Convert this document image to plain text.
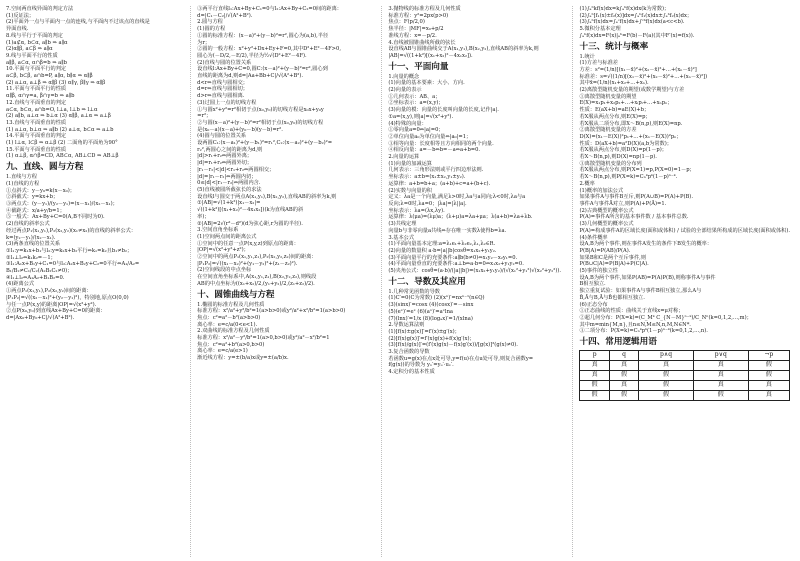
7.空间两直线异面的判定方法
(1)反证法；
(2)平面外一点与平面内一点的连线,与平面内不过该点的直线是
异面直线.
8.线与平行于平面的判定
(1)a⊄α, b⊂α, a∥b ⇒ a∥α
(2)α∥β, a⊂β ⇒ a∥α
9.线与平面平行的性质
a∥β, a⊂α, α∩β=b ⇒ a∥b
10.平面与平面平行的判定
a⊂β, b⊂β, a∩b=P, a∥α, b∥α ⇒ α∥β
(2) a⊥α, a⊥β ⇒ α∥β (3) α∥γ, β∥γ ⇒ α∥β
11.平面与平面平行的性质
α∥β, α∩γ=a, β∩γ=b ⇒ a∥b
12.直线与平面垂直的判定
a⊂α, b⊂α, a∩b=O, l⊥a, l⊥b ⇒ l⊥α
(2) a∥b, a⊥α ⇒ b⊥α (3) α∥β, a⊥α ⇒ a⊥β
13.直线与平面垂直的性质
(1) a⊥α, b⊥α ⇒ a∥b (2) a⊥α, b⊂α ⇒ a⊥b
14.平面与平面垂直的判定
(1) l⊥α, l⊂β ⇒ α⊥β (2) 二面角的平面角为90°
15.平面与平面垂直的性质
(1) α⊥β, α∩β=CD, AB⊂α, AB⊥CD ⇒ AB⊥β
九、直线、圆与方程
1.直线与方程
(1)直线的方程
①点斜式：y－y₀=k(x－x₀)；
②斜截式：y=kx+b；
③两点式：(y－y₁)/(y₂－y₁)=(x－x₁)/(x₂－x₁)；
④截距式：x/a+y/b=1；
⑤一般式：Ax+By+C=0(A,B不同时为0).
(2)直线的斜率公式
经过两点P₁(x₁,y₁),P₂(x₂,y₂)(x₁≠x₂)的直线的斜率公式：
k=(y₂－y₁)/(x₂－x₁).
(3)两条直线的位置关系
①l₁:y=k₁x+b₁与l₂:y=k₂x+b₂平行⇔k₁=k₂且b₁≠b₂；
②l₁⊥l₂⇔k₁k₂=－1；
③l₁:A₁x+B₁y+C₁=0与l₂:A₂x+B₂y+C₂=0平行⇔A₁/A₂=
B₁/B₂≠C₁/C₂(A₂B₂C₂≠0)；
④l₁⊥l₂⇔A₁A₂+B₁B₂=0.
(4)距离公式
①两点P₁(x₁,y₁),P₂(x₂,y₂)间的距离：
|P₁P₂|=√((x₂－x₁)²+(y₂－y₁)²)，特别地,原点O(0,0)
与任一点P(x,y)的距离|OP|=√(x²+y²).
②点P(x₀,y₀)到直线Ax+By+C=0的距离：
d=|Ax₀+By₀+C|/√(A²+B²).
③两平行直线l₁:Ax+By+C₁=0与l₂:Ax+By+C₂=0间的距离：
d=|C₁－C₂|/√(A²+B²).
2.圆与方程
(1)圆的方程
①圆的标准方程：(x－a)²+(y－b)²=r²,圆心为(a,b),半径
为r；
②圆的一般方程：x²+y²+Dx+Ey+F=0,其中D²+E²－4F>0,
圆心为(－D/2,－E/2),半径为½√(D²+E²－4F).
(2)直线与圆的位置关系
设直线l:Ax+By+C=0,圆C:(x－a)²+(y－b)²=r²,圆心到
直线的距离为d,则d=|Aa+Bb+C|/√(A²+B²).
d<r⇔直线与圆相交；
d=r⇔直线与圆相切；
d>r⇔直线与圆相离.
(3)过圆上一点的切线方程
①与圆x²+y²=r²相切于点(x₀,y₀)的切线方程是x₀x+y₀y
=r²；
②与圆(x－a)²+(y－b)²=r²相切于点(x₀,y₀)的切线方程
是(x₀－a)(x－a)+(y₀－b)(y－b)=r².
(4)圆与圆的位置关系
设两圆C₁:(x－a₁)²+(y－b₁)²=r₁²,C₂:(x－a₂)²+(y－b₂)²=
r₂²,两圆心之间的距离为d,则
|d|>r₁+r₂⇔两圆外离；
|d|=r₁+r₂⇔两圆外切；
|r₁－r₂|<|d|<r₁+r₂⇔两圆相交；
|d|=|r₁－r₂|⇔两圆内切；
0≤|d|<|r₁－r₂|⇔两圆内含.
(5)直线被圆所截弦长的求法
设直线l与圆交于两点A(x₁,y₁),B(x₂,y₂),直线AB的斜率为k,则
①|AB|=√(1+k²)|x₁－x₂|=
√((1+k²)[(x₁+x₂)²－4x₁x₂])(k为直线AB的斜
率)；
②|AB|=2√(r²－d²)(d为弦心距,r为圆的半径).
3.空间直角坐标系
(1)空间两点间的距离公式
①空间中的任意一点P(x,y,z)到原点的距离：
|OP|=√(x²+y²+z²)；
②空间中的两点P₁(x₁,y₁,z₁),P₂(x₂,y₂,z₂)间的距离：
|P₁P₂|=√((x₁－x₂)²+(y₁－y₂)²+(z₁－z₂)²).
(2)空间线段的中点坐标
在空间直角坐标系中,A(x₁,y₁,z₁),B(x₂,y₂,z₂),则线段
AB的中点坐标为((x₁+x₂)/2,(y₁+y₂)/2,(z₁+z₂)/2).
十、圆锥曲线与方程
1.椭圆的标准方程及几何性质
标准方程：x²/a²+y²/b²=1(a>b>0)或y²/a²+x²/b²=1(a>b>0)
焦点：c²=a²－b²(a>b>0)
离心率：e=c/a(0<e<1).
2.双曲线的标准方程及几何性质
标准方程：x²/a²－y²/b²=1(a>0,b>0)或y²/a²－x²/b²=1
焦点：c²=a²+b²(a>0,b>0)
离心率：e=c/a(e>1)
渐近线方程：y=±(b/a)x或y=±(a/b)x.
3.抛物线的标准方程及几何性质
标准方程：y²=2px(p>0)
焦点：F(p/2,0)
焦半径：|MF|=x₀+p/2
准线方程：x=－p/2.
4.直线被圆锥曲线所截的弦长
设直线AB与圆锥曲线交于A(x₁,y₁),B(x₂,y₂),直线AB的斜率为k,则
|AB|=√((1+k²)[(x₁+x₂)²－4x₁x₂]).
十一、平面向量
1.向量的概念
(1)向量的基本要素：大小、方向.
(2)向量的表示
①几何表示：AB、a；
②坐标表示：a=(x,y)；
(3)向量的模：向量的长度叫向量的长度,记作|a|.
①a=(x,y),则|a|=√(x²+y²).
(4)特殊的向量：
①零向量a=0⇔|a|=0；
②单位向量a₀为单位向量⇔|a₀|=1；
③相等向量：长度相等且方向相同的两个向量.
④相反向量：a=－b⇔b=－a⇔a+b=0.
2.向量的运算
(1)向量的加减运算
几何表示：三角形法则或平行四边形法则.
坐标表示：a±b=(x₁±x₂,y₁±y₂).
运算律：a+b=b+a；(a+b)+c=a+(b+c).
(2)实数与向量的积
定义：λa是一个向量,满足λ>0时,λa与a同向;λ<0时,λa与a
反向;λ=0时,λa=0；|λa|=|λ||a|.
坐标表示：λa=(λx,λy).
运算律：λ(μa)=(λμ)a；(λ+μ)a=λa+μa；λ(a+b)=λa+λb.
(3)共线定理
向量b与非零向量a共线⇔存在唯一实数λ使得b=λa.
3.基本公式
(1)平面向量基本定理:a=λ₁e₁+λ₂e₂,λ₁,λ₂∈R.
(2)向量的数量积 a·b=|a||b|cosθ=x₁x₂+y₁y₂.
(3)平面向量平行的充要条件:a∥b(b≠0)⇔x₁y₂－x₂y₁=0.
(4)平面向量垂直的充要条件:a⊥b⇔a·b=0⇔x₁x₂+y₁y₂=0.
(5)夹角公式：cosθ=(a·b)/(|a||b|)=(x₁x₂+y₁y₂)/(√(x₁²+y₁²)√(x₂²+y₂²)).
十二、导数及其应用
1.几种常见函数的导数
(1)C′=0(C为常数) (2)(xⁿ)′=nxⁿ⁻¹(n∈Q)
(3)(sinx)′=cosx (4)(cosx)′=－sinx
(5)(eˣ)′=eˣ (6)(aˣ)′=aˣlna
(7)(lnx)′=1/x (8)(logₐx)′=1/(xlna)
2.导数运算法则
(1)[f(x)±g(x)]′=f′(x)±g′(x)；
(2)[f(x)g(x)]′=f′(x)g(x)+f(x)g′(x)；
(3)[f(x)/g(x)]′=(f′(x)g(x)－f(x)g′(x))/[g(x)]²(g(x)≠0).
3.复合函数的导数
若函数u=g(x)在点x处可导,y=f(u)在点u处可导,则复合函数y=
f(g(x))的导数为 yₓ′=yᵤ′·uₓ′.
4.定积分的基本性质
(1)∫ₐᵇkf(x)dx=k∫ₐᵇf(x)dx(k为常数)；
(2)∫ₐᵇ[f₁(x)±f₂(x)]dx=∫ₐᵇf₁(x)dx±∫ₐᵇf₂(x)dx；
(3)∫ₐᵇf(x)dx=∫ₐᶜf(x)dx+∫ᶜᵇf(x)dx(a<c<b).
5.微积分基本定理
∫ₐᵇf(x)dx=F(x)|ₐᵇ=F(b)－F(a)(其中F′(x)=f(x)).
十三、统计与概率
1.统计
(1)方差与标准差
方差：s²=(1/n)[(x₁－x̄)²+(x₂－x̄)²+…+(xₙ－x̄)²]
标准差：s=√((1/n)[(x₁－x̄)²+(x₂－x̄)²+…+(xₙ－x̄)²])
其中x̄=(1/n)(x₁+x₂+…+xₙ).
(2)离散型随机变量的期望(或数学期望)与方差
①离散型随机变量的期望
E(X)=x₁p₁+x₂p₂+…+xᵢpᵢ+…+xₙpₙ；
性质：E(aX+b)=aE(X)+b；
若X服从两点分布,则E(X)=p；
若X服从二项分布,即X～B(n,p),则E(X)=np.
②离散型随机变量的方差
D(X)=(x₁－E(X))²p₁+…+(xₙ－E(X))²pₙ；
性质：D(aX+b)=a²D(X)(a,b为常数)；
若X服从两点分布,则D(X)=p(1－p)；
若X～B(n,p),则D(X)=np(1－p).
③离散型随机变量的分布列
若X服从两点分布,则P(X=1)=p,P(X=0)=1－p；
若X～B(n,p),则P(X=k)=Cₙᵏpᵏ(1－p)ⁿ⁻ᵏ.
2.概率
(1)概率的加法公式
如果事件A与事件B互斥,则P(A∪B)=P(A)+P(B).
事件A与事件Ā对立,则P(A)+P(Ā)=1.
(2)古典概型的概率公式
P(A)=事件A所含的基本事件数 / 基本事件总数.
(3)几何概型的概率公式
P(A)=构成事件A的区域长度(面积或体积) / 试验的全部结果所构成的区域长度(面积或体积).
(4)条件概率
设A,B为两个事件,则在事件A发生的条件下B发生的概率：
P(B|A)=P(AB)/P(A).
如果B和C是两个互斥事件,则
P(B∪C|A)=P(B|A)+P(C|A).
(5)事件的独立性
设A,B为两个事件,如果P(AB)=P(A)P(B),则称事件A与事件
B相互独立.
独立重复试验：如果事件A与事件B相互独立,那么A与
B̄,Ā与B,Ā与B̄也都相互独立.
(6)正态分布
①正态曲线的性质：曲线关于直线x=μ对称；
②超几何分布：P(X=k)=(C_Mᵏ C_{N－M}ⁿ⁻ᵏ)/C_Nⁿ(k=0,1,2,…,m)；
其中m=min{M,n},且n≤N,M≤N,n,M,N∈N*.
③二项分布：P(X=k)=Cₙᵏpᵏ(1－p)ⁿ⁻ᵏ(k=0,1,2,…,n).
十四、常用逻辑用语
p	q	p∧q	p∨q	¬p
真	真	真	真	假
真	假	假	真	假
假	真	假	真	真
假	假	假	假	真
